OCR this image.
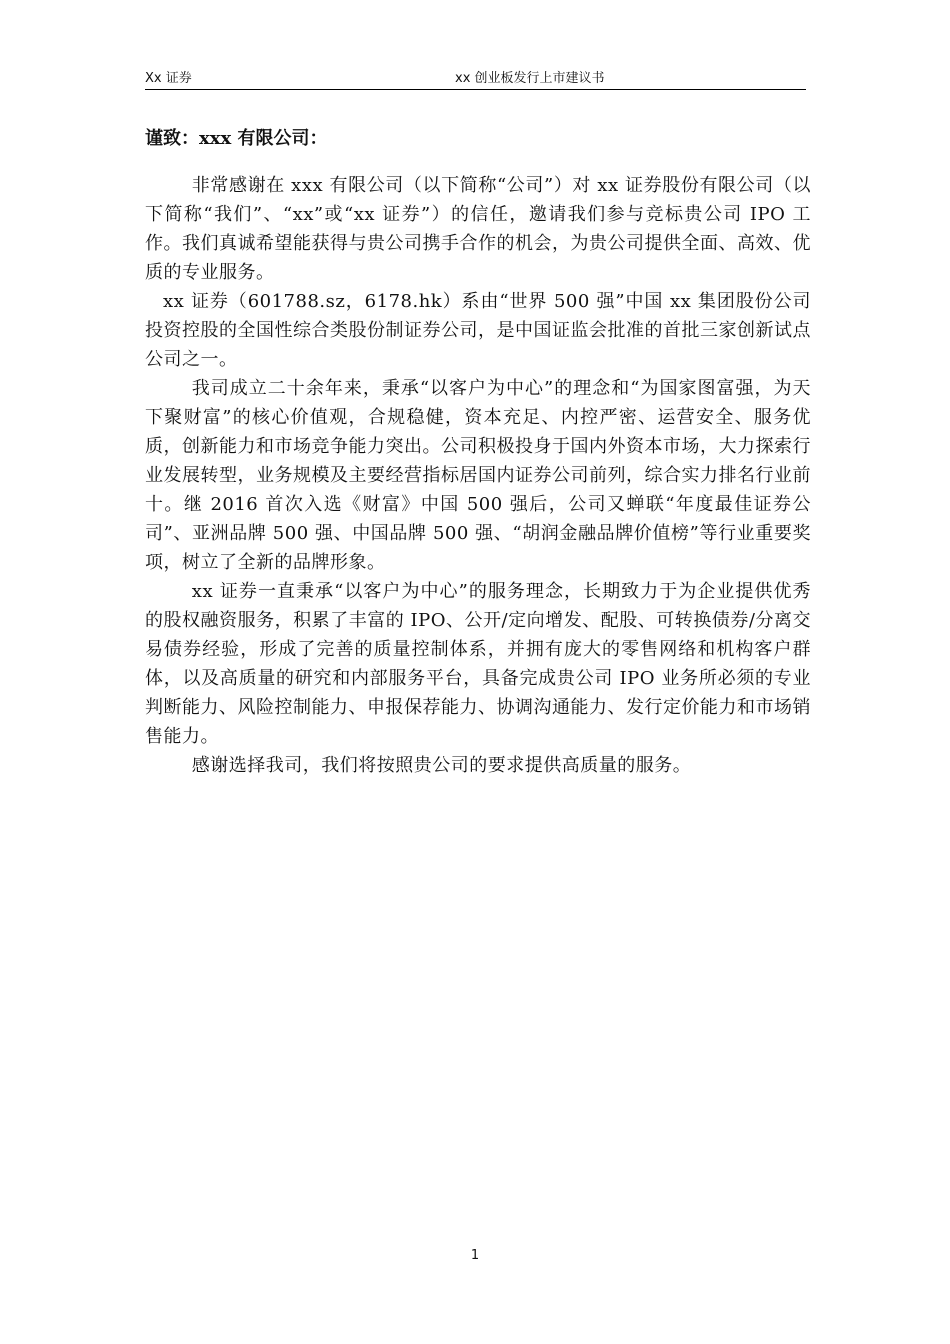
Xx 证券	xx 创业板发行上市建议书
谨致：xxx 有限公司：

非常感谢在 xxx 有限公司（以下简称“公司”）对 xx 证券股份有限公司（以下简称“我们”、“xx”或“xx 证券”）的信任，邀请我们参与竞标贵公司 IPO 工作。我们真诚希望能获得与贵公司携手合作的机会，为贵公司提供全面、高效、优质的专业服务。

xx 证券（601788.sz，6178.hk）系由“世界 500 强”中国 xx 集团股份公司投资控股的全国性综合类股份制证券公司，是中国证监会批准的首批三家创新试点公司之一。

我司成立二十余年来，秉承“以客户为中心”的理念和“为国家图富强，为天下聚财富”的核心价值观，合规稳健，资本充足、内控严密、运营安全、服务优质，创新能力和市场竞争能力突出。公司积极投身于国内外资本市场，大力探索行业发展转型，业务规模及主要经营指标居国内证券公司前列，综合实力排名行业前十。继 2016 首次入选《财富》中国 500 强后，公司又蝉联“年度最佳证券公司”、亚洲品牌 500 强、中国品牌 500 强、“胡润金融品牌价值榜”等行业重要奖项，树立了全新的品牌形象。

xx 证券一直秉承“以客户为中心”的服务理念，长期致力于为企业提供优秀的股权融资服务，积累了丰富的 IPO、公开/定向增发、配股、可转换债券/分离交易债券经验，形成了完善的质量控制体系，并拥有庞大的零售网络和机构客户群体，以及高质量的研究和内部服务平台，具备完成贵公司 IPO 业务所必须的专业判断能力、风险控制能力、申报保荐能力、协调沟通能力、发行定价能力和市场销售能力。

感谢选择我司，我们将按照贵公司的要求提供高质量的服务。

1
